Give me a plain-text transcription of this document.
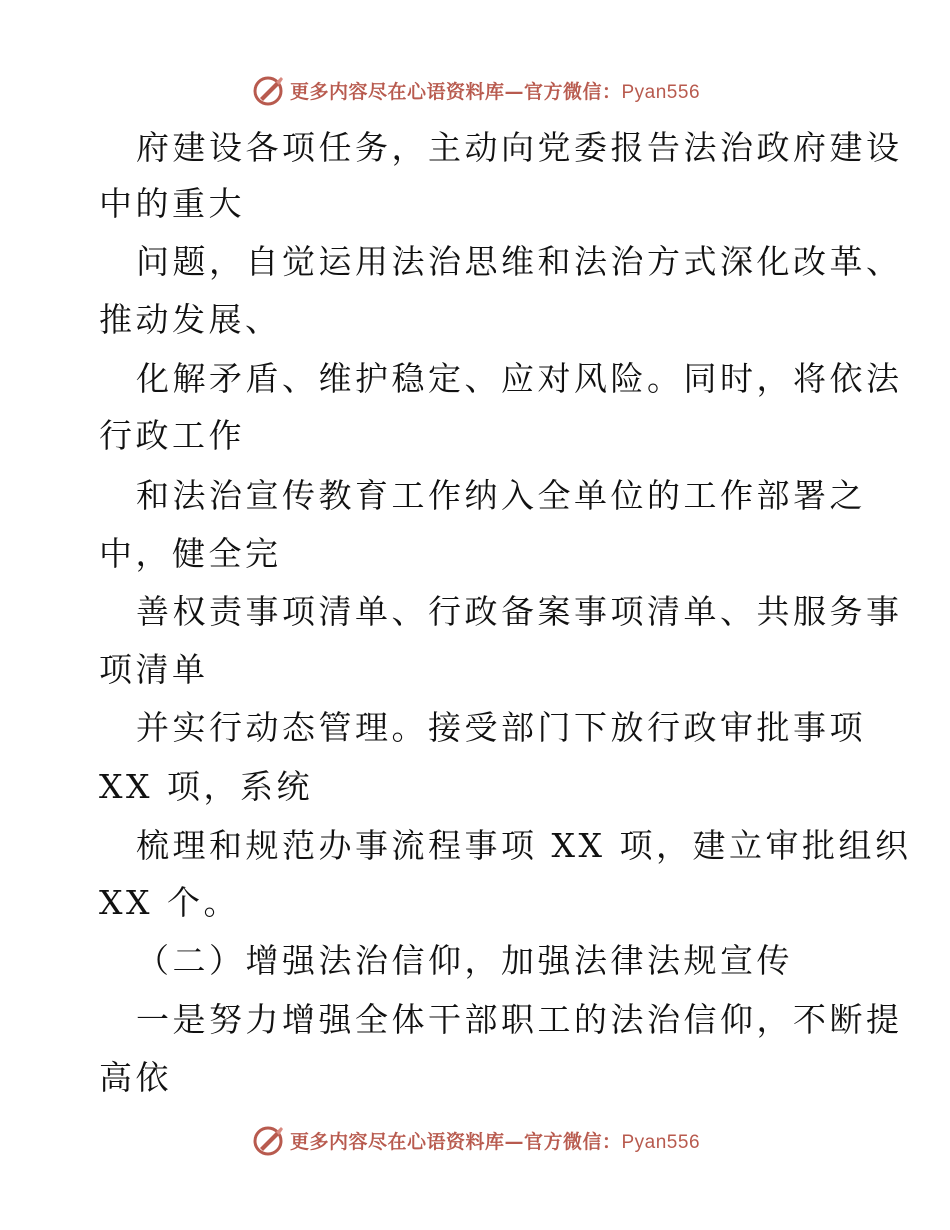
更多内容尽在心语资料库—官方微信：Pyan556
府建设各项任务，主动向党委报告法治政府建设
中的重大
问题，自觉运用法治思维和法治方式深化改革、
推动发展、
化解矛盾、维护稳定、应对风险。同时，将依法
行政工作
和法治宣传教育工作纳入全单位的工作部署之
中，健全完
善权责事项清单、行政备案事项清单、共服务事
项清单
并实行动态管理。接受部门下放行政审批事项
XX 项，系统
梳理和规范办事流程事项 XX 项，建立审批组织
XX 个。
（二）增强法治信仰，加强法律法规宣传
一是努力增强全体干部职工的法治信仰，不断提
高依
更多内容尽在心语资料库—官方微信：Pyan556
